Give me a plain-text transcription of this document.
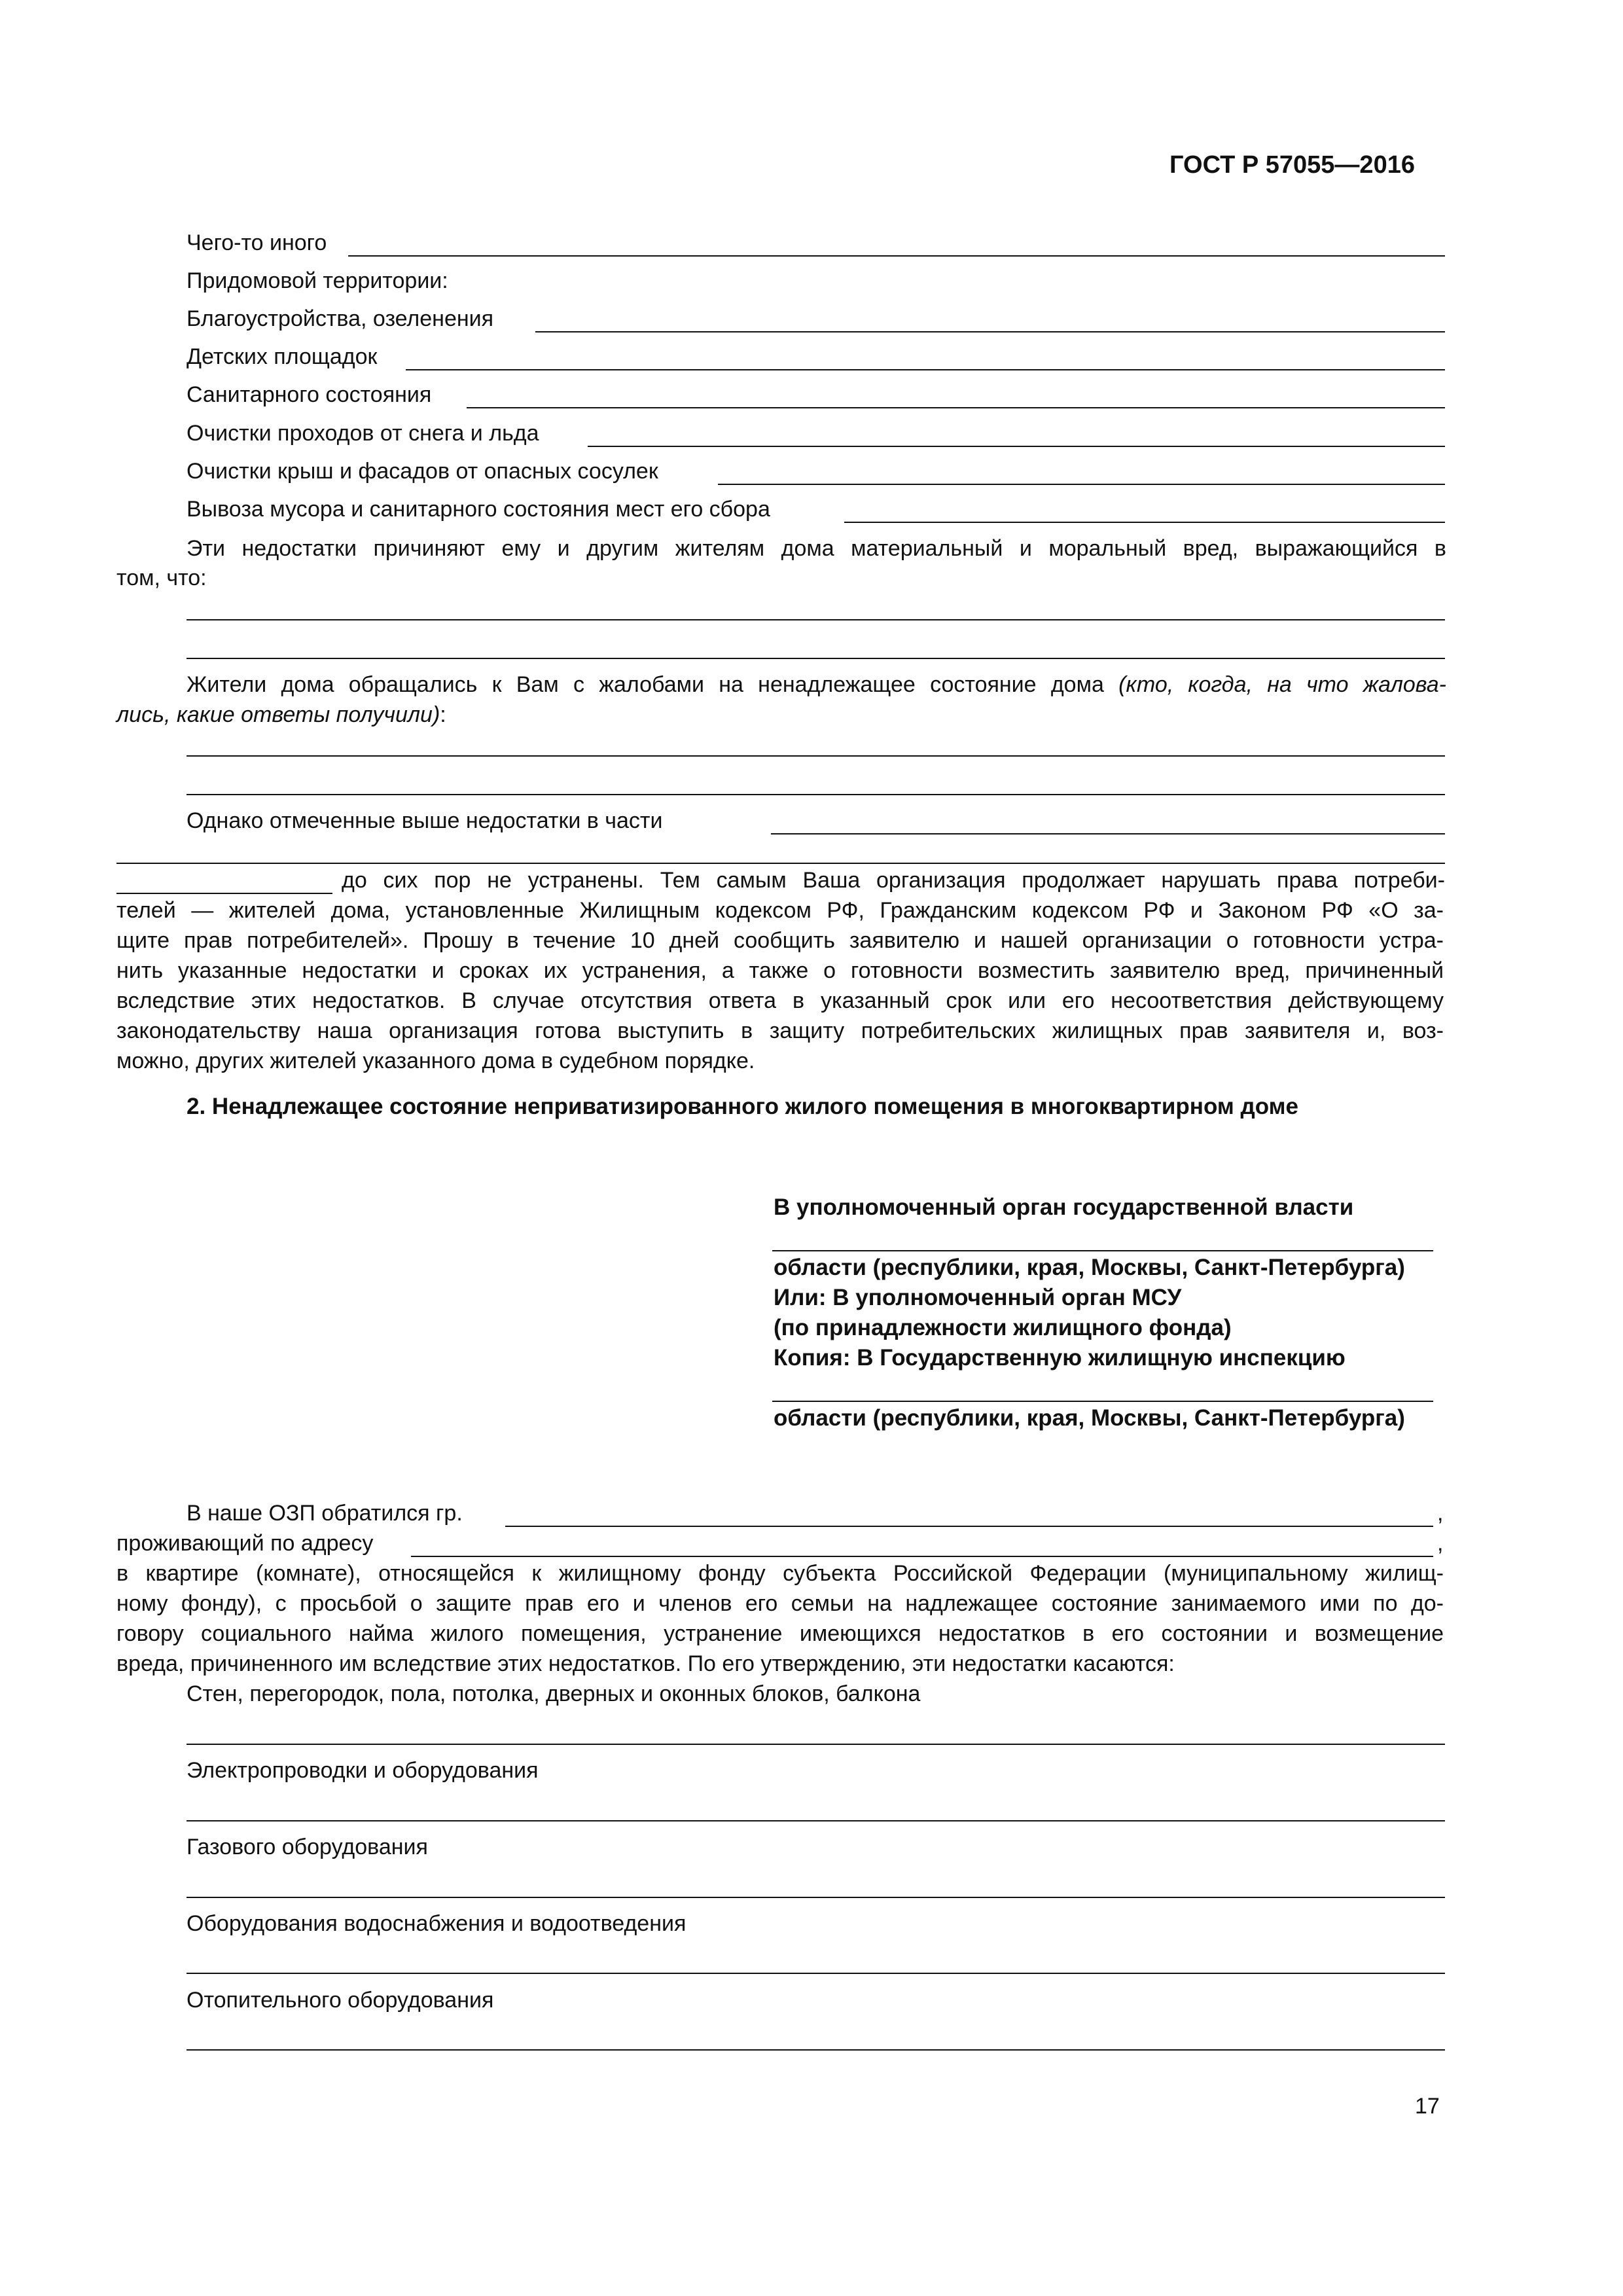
ГОСТ Р 57055—2016
Чего-то иного
Придомовой территории:
Благоустройства, озеленения
Детских площадок
Санитарного состояния
Очистки проходов от снега и льда
Очистки крыш и фасадов от опасных сосулек
Вывоза мусора и санитарного состояния мест его сбора
Эти недостатки причиняют ему и другим жителям дома материальный и моральный вред, выражающийся в
том, что:
Жители дома обращались к Вам с жалобами на ненадлежащее состояние дома (кто, когда, на что жалова-
лись, какие ответы получили):
Однако отмеченные выше недостатки в части
до сих пор не устранены. Тем самым Ваша организация продолжает нарушать права потреби-
телей — жителей дома, установленные Жилищным кодексом РФ, Гражданским кодексом РФ и Законом РФ «О за-
щите прав потребителей». Прошу в течение 10 дней сообщить заявителю и нашей организации о готовности устра-
нить указанные недостатки и сроках их устранения, а также о готовности возместить заявителю вред, причиненный
вследствие этих недостатков. В случае отсутствия ответа в указанный срок или его несоответствия действующему
законодательству наша организация готова выступить в защиту потребительских жилищных прав заявителя и, воз-
можно, других жителей указанного дома в судебном порядке.
2. Ненадлежащее состояние неприватизированного жилого помещения в многоквартирном доме
В уполномоченный орган государственной власти
области (республики, края, Москвы, Санкт-Петербурга)
Или: В уполномоченный орган МСУ
(по принадлежности жилищного фонда)
Копия: В Государственную жилищную инспекцию
области (республики, края, Москвы, Санкт-Петербурга)
В наше ОЗП обратился гр.	,
проживающий по адресу	,
в квартире (комнате), относящейся к жилищному фонду субъекта Российской Федерации (муниципальному жилищ-
ному фонду), с просьбой о защите прав его и членов его семьи на надлежащее состояние занимаемого ими по до-
говору социального найма жилого помещения, устранение имеющихся недостатков в его состоянии и возмещение
вреда, причиненного им вследствие этих недостатков. По его утверждению, эти недостатки касаются:
Стен, перегородок, пола, потолка, дверных и оконных блоков, балкона
Электропроводки и оборудования
Газового оборудования
Оборудования водоснабжения и водоотведения
Отопительного оборудования
17
